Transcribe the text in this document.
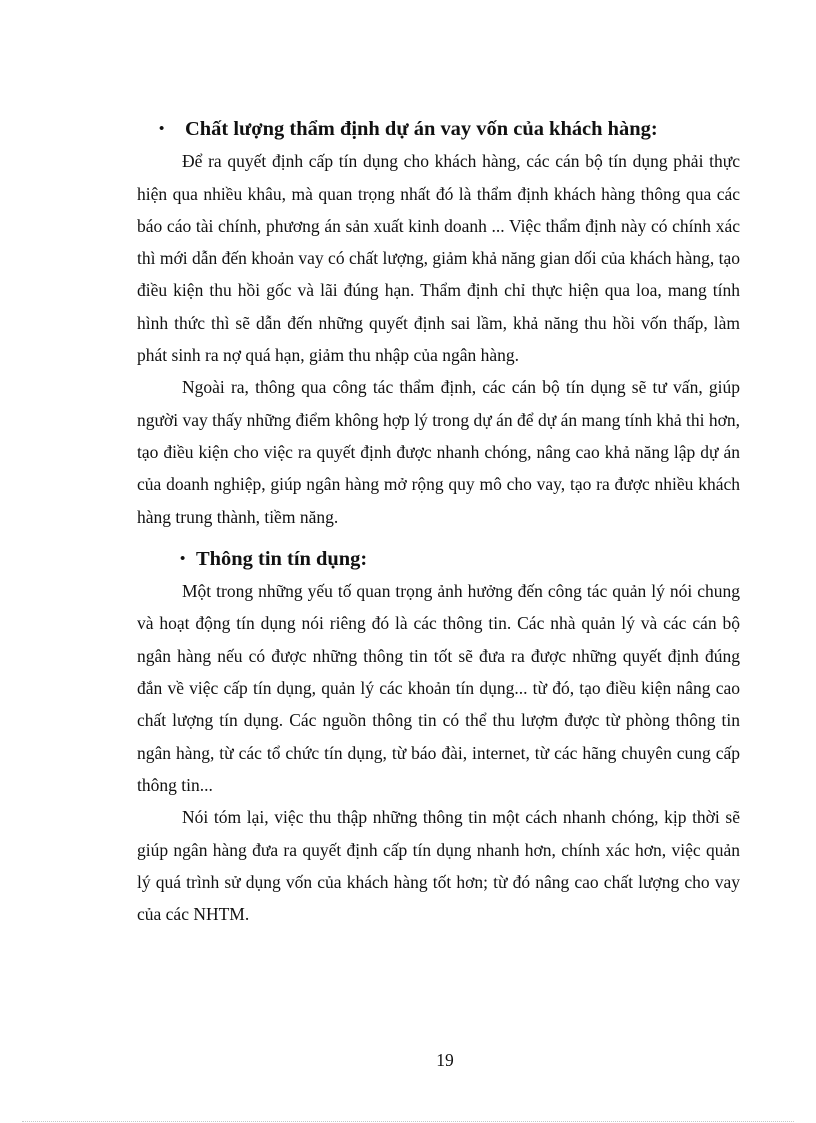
• Chất lượng thẩm định dự án vay vốn của khách hàng:

Để ra quyết định cấp tín dụng cho khách hàng, các cán bộ tín dụng phải thực hiện qua nhiều khâu, mà quan trọng nhất đó là thẩm định khách hàng thông qua các báo cáo tài chính, phương án sản xuất kinh doanh ... Việc thẩm định này có chính xác thì mới dẫn đến khoản vay có chất lượng, giảm khả năng gian dối của khách hàng, tạo điều kiện thu hồi gốc và lãi đúng hạn. Thẩm định chỉ thực hiện qua loa, mang tính hình thức thì sẽ dẫn đến những quyết định sai lầm, khả năng thu hồi vốn thấp, làm phát sinh ra nợ quá hạn, giảm thu nhập của ngân hàng.

Ngoài ra, thông qua công tác thẩm định, các cán bộ tín dụng sẽ tư vấn, giúp người vay thấy những điểm không hợp lý trong dự án để dự án mang tính khả thi hơn, tạo điều kiện cho việc ra quyết định được nhanh chóng, nâng cao khả năng lập dự án của doanh nghiệp, giúp ngân hàng mở rộng quy mô cho vay, tạo ra được nhiều khách hàng trung thành, tiềm năng.

• Thông tin tín dụng:

Một trong những yếu tố quan trọng ảnh hưởng đến công tác quản lý nói chung và hoạt động tín dụng nói riêng đó là các thông tin. Các nhà quản lý và các cán bộ ngân hàng nếu có được những thông tin tốt sẽ đưa ra được những quyết định đúng đắn về việc cấp tín dụng, quản lý các khoản tín dụng... từ đó, tạo điều kiện nâng cao chất lượng tín dụng. Các nguồn thông tin có thể thu lượm được từ phòng thông tin ngân hàng, từ các tổ chức tín dụng, từ báo đài, internet, từ các hãng chuyên cung cấp thông tin...

Nói tóm lại, việc thu thập những thông tin một cách nhanh chóng, kịp thời sẽ giúp ngân hàng đưa ra quyết định cấp tín dụng nhanh hơn, chính xác hơn, việc quản lý quá trình sử dụng vốn của khách hàng tốt hơn; từ đó nâng cao chất lượng cho vay của các NHTM.

19
